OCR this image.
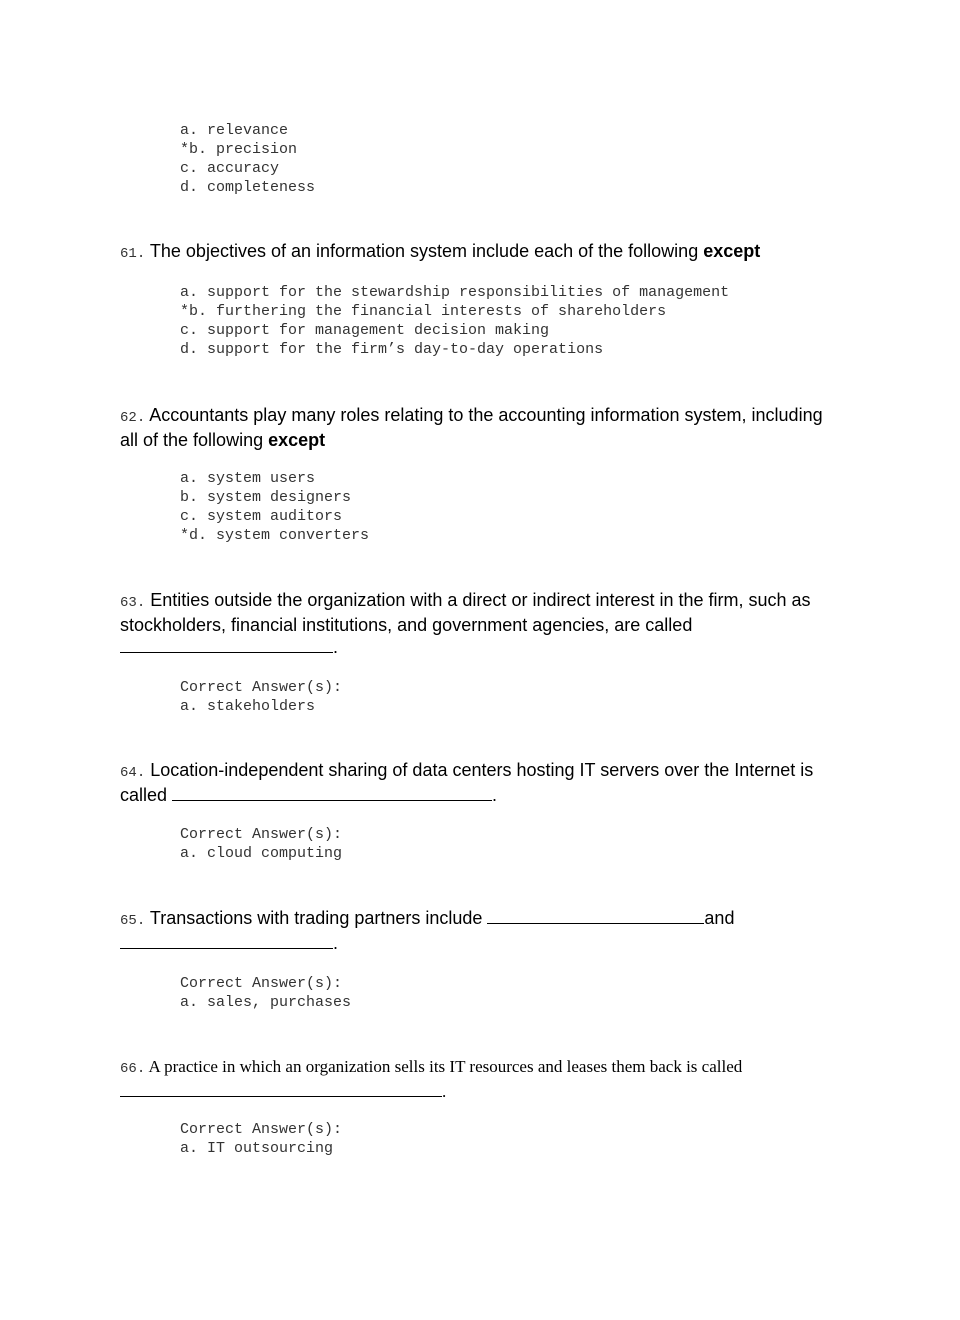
a. relevance
*b. precision
c. accuracy
d. completeness
61. The objectives of an information system include each of the following except
a. support for the stewardship responsibilities of management
*b. furthering the financial interests of shareholders
c. support for management decision making
d. support for the firm’s day-to-day operations
62. Accountants play many roles relating to the accounting information system, including all of the following except
a. system users
b. system designers
c. system auditors
*d. system converters
63. Entities outside the organization with a direct or indirect interest in the firm, such as stockholders, financial institutions, and government agencies, are called
.
Correct Answer(s):
a. stakeholders
64. Location-independent sharing of data centers hosting IT servers over the Internet is called	.
Correct Answer(s):
a. cloud computing
65. Transactions with trading partners include	and
.
Correct Answer(s):
a. sales, purchases
66. A practice in which an organization sells its IT resources and leases them back is called
.
Correct Answer(s):
a. IT outsourcing
